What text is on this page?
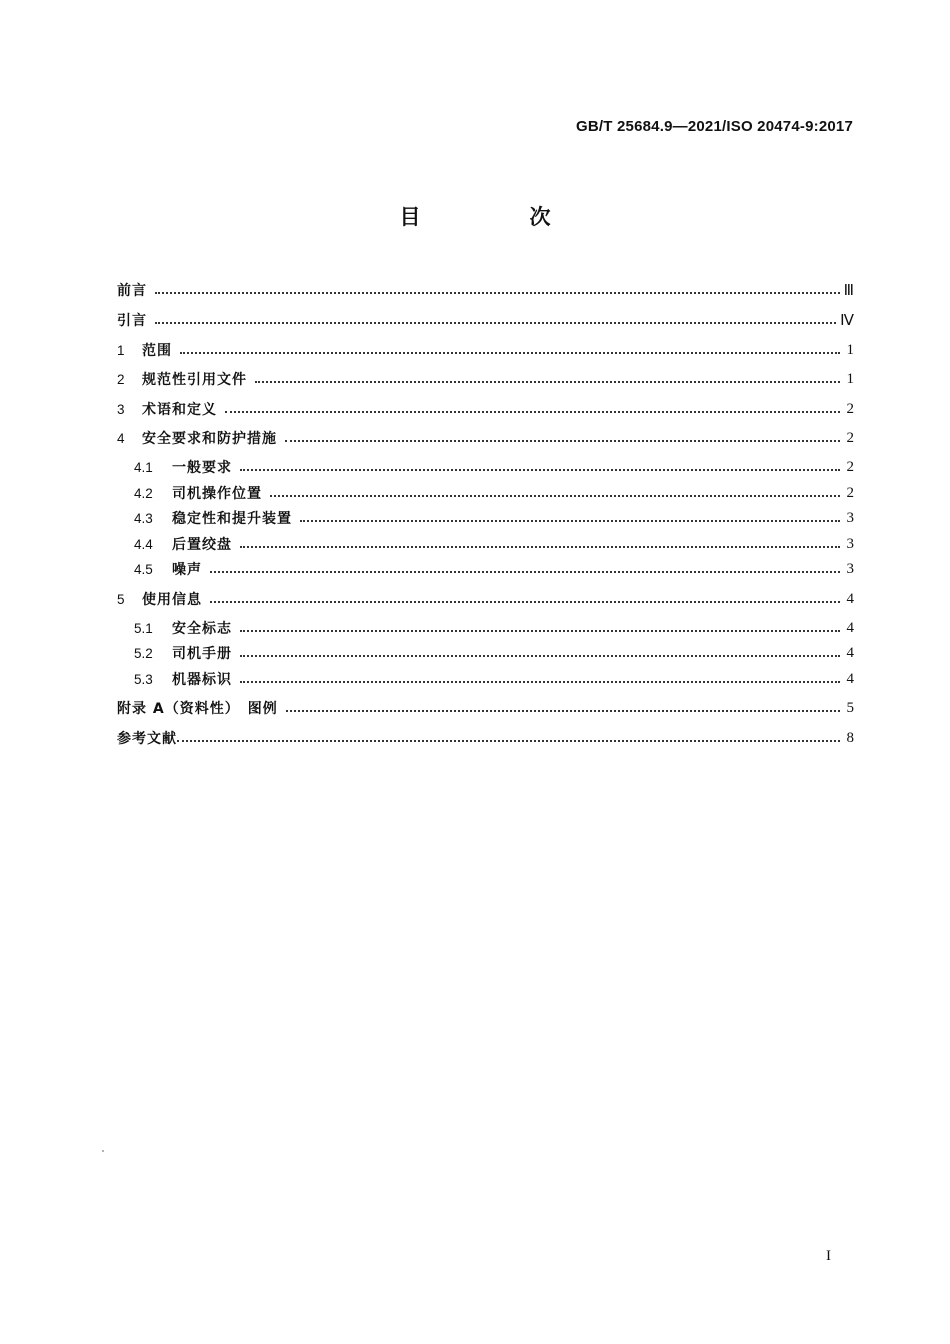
GB/T 25684.9—2021/ISO 20474-9:2017
目　次
前言	Ⅲ
引言	Ⅳ
1	范围	1
2	规范性引用文件	1
3	术语和定义	2
4	安全要求和防护措施	2
4.1	一般要求	2
4.2	司机操作位置	2
4.3	稳定性和提升装置	3
4.4	后置绞盘	3
4.5	噪声	3
5	使用信息	4
5.1	安全标志	4
5.2	司机手册	4
5.3	机器标识	4
附录 A（资料性）　图例	5
参考文献	8
I
